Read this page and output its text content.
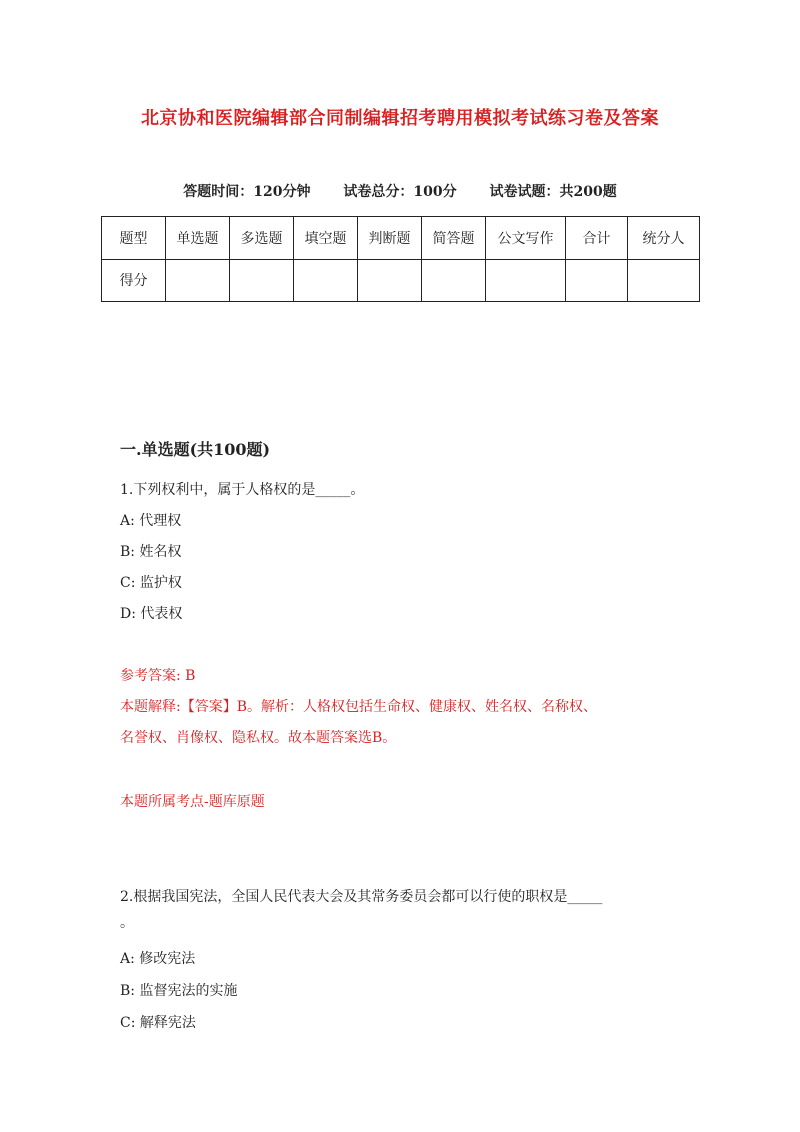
北京协和医院编辑部合同制编辑招考聘用模拟考试练习卷及答案
答题时间：120分钟 试卷总分：100分 试卷试题：共200题
题型	单选题	多选题	填空题	判断题	简答题	公文写作	合计	统分人
得分								
一.单选题(共100题)
1.下列权利中，属于人格权的是_____。
A: 代理权
B: 姓名权
C: 监护权
D: 代表权
参考答案: B
本题解释:【答案】B。解析：人格权包括生命权、健康权、姓名权、名称权、
名誉权、肖像权、隐私权。故本题答案选B。
本题所属考点-题库原题
2.根据我国宪法，全国人民代表大会及其常务委员会都可以行使的职权是_____
。
A: 修改宪法
B: 监督宪法的实施
C: 解释宪法
